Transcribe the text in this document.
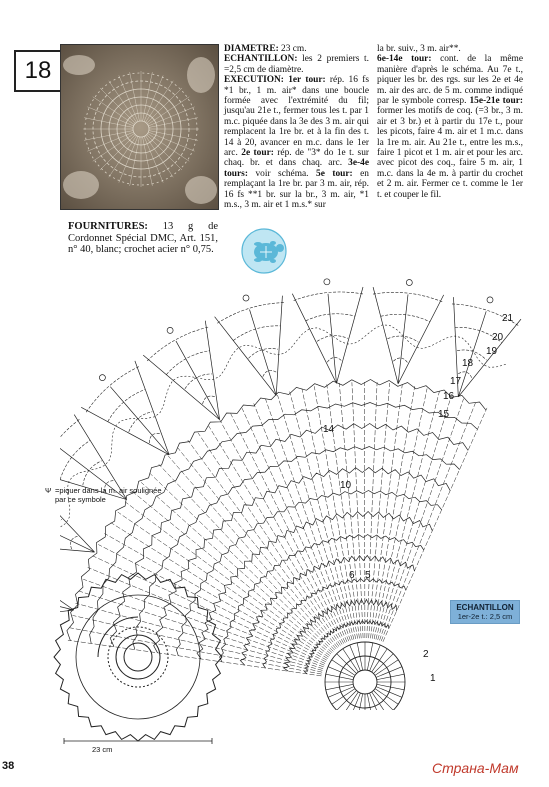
18
FOURNITURES: 13 g de Cordonnet Spécial DMC, Art. 151, n° 40, blanc; crochet acier n° 0,75.
DIAMETRE: 23 cm.
ECHANTILLON: les 2 premiers t. =2,5 cm de diamètre.
EXECUTION: 1er tour: rép. 16 fs *1 br., 1 m. air* dans une boucle formée avec l'extrémité du fil; jusqu'au 21e t., fermer tous les t. par 1 m.c. piquée dans la 3e des 3 m. air qui remplacent la 1re br. et à la fin des t. 14 à 20, avancer en m.c. dans le 1er arc. 2e tour: rép. de "3* do 1e t. sur chaq. br. et dans chaq. arc. 3e-4e tours: voir schéma. 5e tour: en remplaçant la 1re br. par 3 m. air, rép. 16 fs **1 br. sur la br., 3 m. air, *1 m.s., 3 m. air et 1 m.s.* sur
la br. suiv., 3 m. air**.
6e-14e tour: cont. de la même manière d'après le schéma. Au 7e t., piquer les br. des rgs. sur les 2e et 4e m. air des arc. de 5 m. comme indiqué par le symbole corresp. 15e-21e tour: former les motifs de coq. (=3 br., 3 m. air et 3 br.) et à partir du 17e t., pour les picots, faire 4 m. air et 1 m.c. dans la 1re m. air. Au 21e t., entre les m.s., faire 1 picot et 1 m. air et pour les arc. avec picot des coq., faire 5 m. air, 1 m.c. dans la 4e m. à partir du crochet et 2 m. air. Fermer ce t. comme le 1er t. et couper le fil.
21
20
19
18
17
16
15
14
10
6 5
2
1
Ψ =piquer dans la m. air soulignée
par ce symbole
ECHANTILLON
1er-2e t.: 2,5 cm
23 cm
38	Страна-Мам
